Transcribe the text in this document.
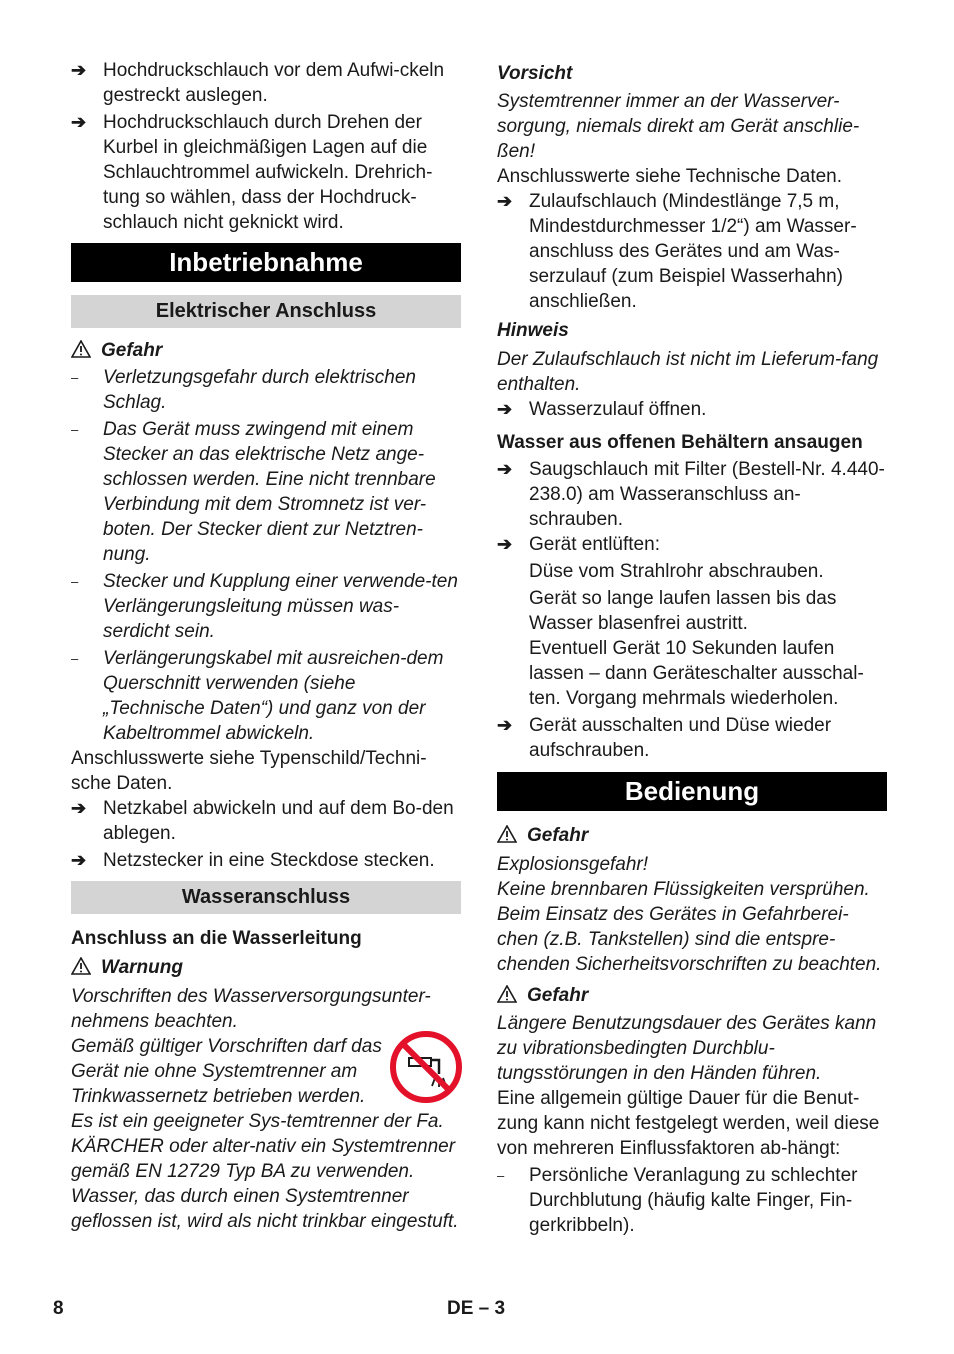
➔ Hochdruckschlauch vor dem Aufwi-ckeln gestreckt auslegen.
➔ Hochdruckschlauch durch Drehen der Kurbel in gleichmäßigen Lagen auf die Schlauchtrommel aufwickeln. Drehrich-tung so wählen, dass der Hochdruck-schlauch nicht geknickt wird.
Inbetriebnahme
Elektrischer Anschluss

Gefahr

– Verletzungsgefahr durch elektrischen Schlag.
– Das Gerät muss zwingend mit einem Stecker an das elektrische Netz ange-schlossen werden. Eine nicht trennbare Verbindung mit dem Stromnetz ist ver-boten. Der Stecker dient zur Netztren-nung.
– Stecker und Kupplung einer verwende-ten Verlängerungsleitung müssen was-serdicht sein.
– Verlängerungskabel mit ausreichen-dem Querschnitt verwenden (siehe „Technische Daten“) und ganz von der Kabeltrommel abwickeln.

Anschlusswerte siehe Typenschild/Techni-sche Daten.

➔ Netzkabel abwickeln und auf dem Bo-den ablegen.
➔ Netzstecker in eine Steckdose stecken.
Wasseranschluss

Anschluss an die Wasserleitung

Warnung

Vorschriften des Wasserversorgungsunter-nehmens beachten.

Gemäß gültiger Vorschriften darf das Gerät nie ohne Systemtrenner am Trinkwassernetz betrieben werden. Es ist ein geeigneter Sys-temtrenner der Fa. KÄRCHER oder alter-nativ ein Systemtrenner gemäß EN 12729 Typ BA zu verwenden. Wasser, das durch einen Systemtrenner geflossen ist, wird als nicht trinkbar eingestuft.

Vorsicht

Systemtrenner immer an der Wasserver-sorgung, niemals direkt am Gerät anschlie-ßen!

Anschlusswerte siehe Technische Daten.

➔ Zulaufschlauch (Mindestlänge 7,5 m, Mindestdurchmesser 1/2“) am Wasser-anschluss des Gerätes und am Was-serzulauf (zum Beispiel Wasserhahn) anschließen.

Hinweis

Der Zulaufschlauch ist nicht im Lieferum-fang enthalten.

➔ Wasserzulauf öffnen.

Wasser aus offenen Behältern ansaugen

➔ Saugschlauch mit Filter (Bestell-Nr. 4.440-238.0) am Wasseranschluss an-schrauben.
➔ Gerät entlüften:
Düse vom Strahlrohr abschrauben.
Gerät so lange laufen lassen bis das Wasser blasenfrei austritt.
Eventuell Gerät 10 Sekunden laufen lassen – dann Geräteschalter ausschal-ten. Vorgang mehrmals wiederholen.
➔ Gerät ausschalten und Düse wieder aufschrauben.
Bedienung

Gefahr

Explosionsgefahr!

Keine brennbaren Flüssigkeiten versprühen. Beim Einsatz des Gerätes in Gefahrberei-chen (z.B. Tankstellen) sind die entspre-chenden Sicherheitsvorschriften zu beachten.

Gefahr

Längere Benutzungsdauer des Gerätes kann zu vibrationsbedingten Durchblu-tungsstörungen in den Händen führen.

Eine allgemein gültige Dauer für die Benut-zung kann nicht festgelegt werden, weil diese von mehreren Einflussfaktoren ab-hängt:

– Persönliche Veranlagung zu schlechter Durchblutung (häufig kalte Finger, Fin-gerkribbeln).
8	DE – 3
